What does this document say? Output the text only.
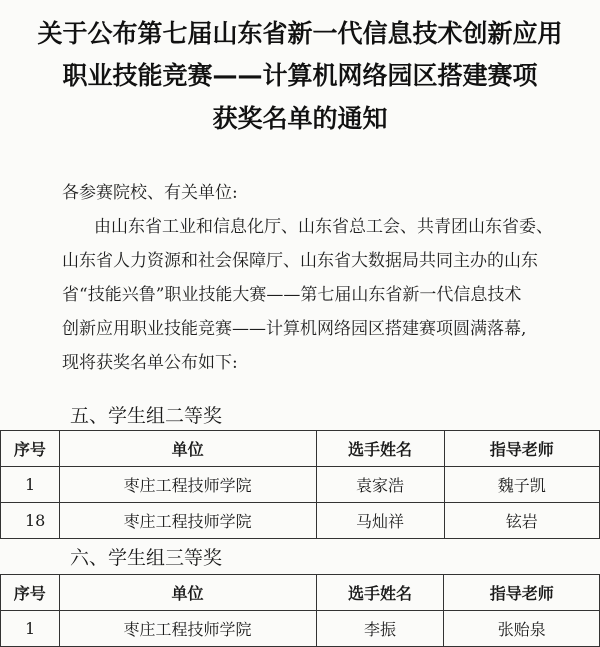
关于公布第七届山东省新一代信息技术创新应用
职业技能竞赛——计算机网络园区搭建赛项
获奖名单的通知
各参赛院校、有关单位:
由山东省工业和信息化厅、山东省总工会、共青团山东省委、
山东省人力资源和社会保障厅、山东省大数据局共同主办的山东
省“技能兴鲁”职业技能大赛——第七届山东省新一代信息技术
创新应用职业技能竞赛——计算机网络园区搭建赛项圆满落幕,
现将获奖名单公布如下:
五、学生组二等奖
序号	单位	选手姓名	指导老师
1	枣庄工程技师学院	袁家浩	魏子凯
18	枣庄工程技师学院	马灿祥	铉岩
六、学生组三等奖
序号	单位	选手姓名	指导老师
1	枣庄工程技师学院	李振	张贻泉
